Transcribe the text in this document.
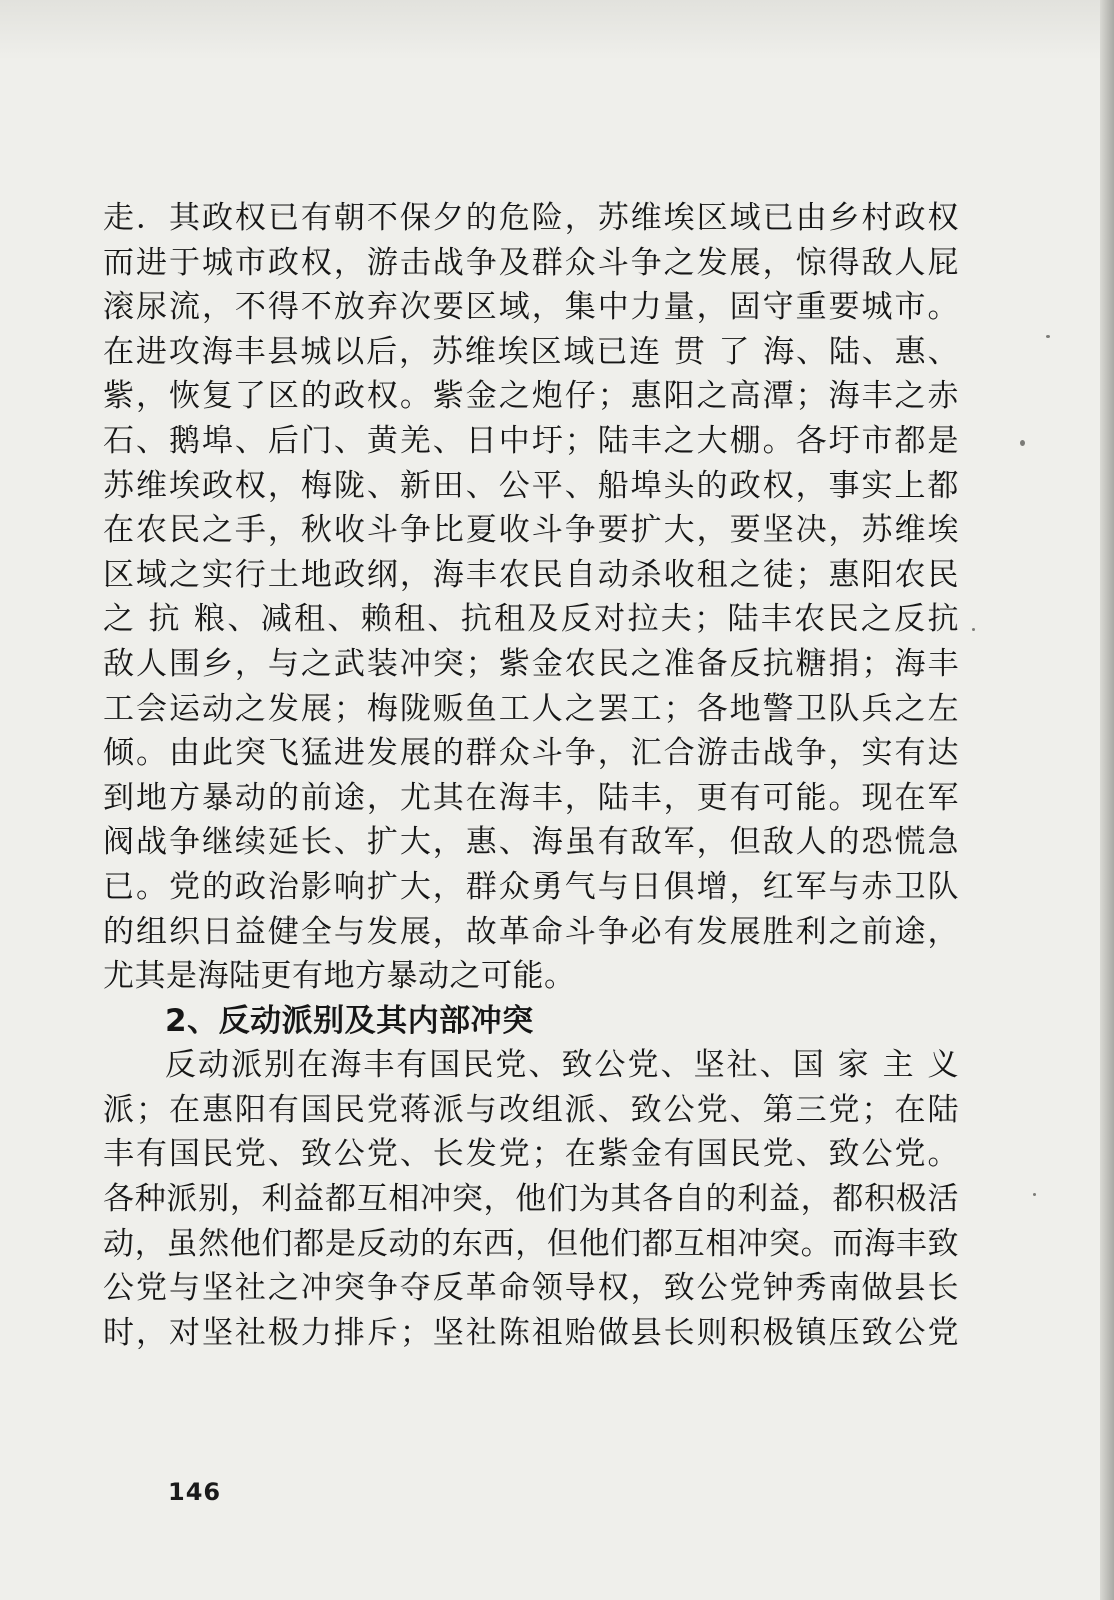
走．其政权已有朝不保夕的危险，苏维埃区域已由乡村政权
而进于城市政权，游击战争及群众斗争之发展，惊得敌人屁
滚尿流，不得不放弃次要区域，集中力量，固守重要城市。
在进攻海丰县城以后，苏维埃区域已连 贯 了 海、陆、惠、
紫，恢复了区的政权。紫金之炮仔；惠阳之高潭；海丰之赤
石、鹅埠、后门、黄羌、日中圩；陆丰之大棚。各圩市都是
苏维埃政权，梅陇、新田、公平、船埠头的政权，事实上都
在农民之手，秋收斗争比夏收斗争要扩大，要坚决，苏维埃
区域之实行土地政纲，海丰农民自动杀收租之徒；惠阳农民
之 抗 粮、减租、赖租、抗租及反对拉夫；陆丰农民之反抗
敌人围乡，与之武装冲突；紫金农民之准备反抗糖捐；海丰
工会运动之发展；梅陇贩鱼工人之罢工；各地警卫队兵之左
倾。由此突飞猛进发展的群众斗争，汇合游击战争，实有达
到地方暴动的前途，尤其在海丰，陆丰，更有可能。现在军
阀战争继续延长、扩大，惠、海虽有敌军，但敌人的恐慌急
已。党的政治影响扩大，群众勇气与日俱增，红军与赤卫队
的组织日益健全与发展，故革命斗争必有发展胜利之前途，
尤其是海陆更有地方暴动之可能。
2、反动派别及其内部冲突
反动派别在海丰有国民党、致公党、坚社、国 家 主 义
派；在惠阳有国民党蒋派与改组派、致公党、第三党；在陆
丰有国民党、致公党、长发党；在紫金有国民党、致公党。
各种派别，利益都互相冲突，他们为其各自的利益，都积极活
动，虽然他们都是反动的东西，但他们都互相冲突。而海丰致
公党与坚社之冲突争夺反革命领导权，致公党钟秀南做县长
时，对坚社极力排斥；坚社陈祖贻做县长则积极镇压致公党
146
